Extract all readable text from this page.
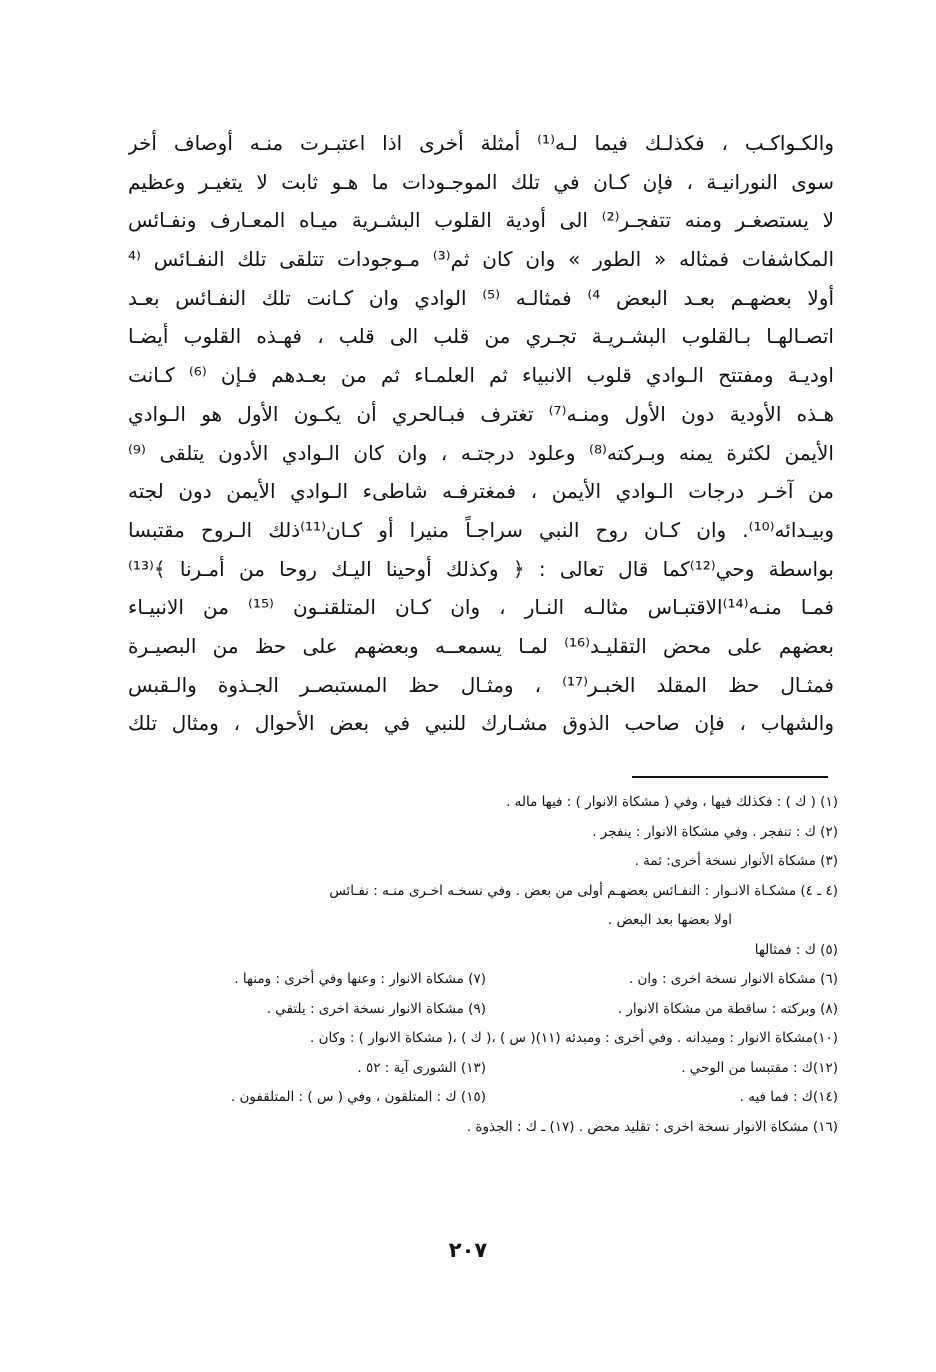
والكـواكـب ، فكذلـك فيما لـه⁽¹⁾ أمثلة أخرى اذا اعتبـرت منـه أوصاف أخر
سوى النورانيـة ، فإن كـان في تلك الموجـودات ما هـو ثابت لا يتغيـر وعظيم
لا يستصغـر ومنه تتفجـر⁽²⁾ الى أودية القلوب البشـرية ميـاه المعـارف ونفـائس
المكاشفات فمثاله « الطور » وان كان ثم⁽³⁾ مـوجودات تتلقى تلك النفـائس ⁽⁴
أولا بعضهـم بعـد البعض ⁴⁾ فمثالـه ⁽⁵⁾ الوادي وان كـانت تلك النفـائس بعـد
اتصـالهـا بـالقلوب البشـريـة تجـري من قلب الى قلب ، فهـذه القلوب أيضـا
اوديـة ومفتتح الـوادي قلوب الانبياء ثم العلمـاء ثم من بعـدهم فـإن ⁽⁶⁾ كـانت
هـذه الأودية دون الأول ومنـه⁽⁷⁾ تغترف فبـالحري أن يكـون الأول هو الـوادي
الأيمن لكثرة يمنه وبـركته⁽⁸⁾ وعلود درجتـه ، وان كان الـوادي الأدون يتلقى ⁽⁹⁾
من آخـر درجات الـوادي الأيمن ، فمغترفـه شاطىء الـوادي الأيمن دون لجته
وبيـدائه⁽¹⁰⁾. وان كـان روح النبي سراجـاً منيرا أو كـان⁽¹¹⁾ذلك الـروح مقتبسا
بواسطة وحي⁽¹²⁾كما قال تعالى : ﴿ وكذلك أوحينا اليـك روحا من أمـرنا ﴾⁽¹³⁾
فمـا منـه⁽¹⁴⁾الاقتبـاس مثالـه النـار ، وان كـان المتلقنـون ⁽¹⁵⁾ من الانبيـاء
بعضهم على محض التقليـد⁽¹⁶⁾ لمـا يسمعــه وبعضهم على حظ من البصيـرة
فمثـال حظ المقلد الخبـر⁽¹⁷⁾ ، ومثـال حظ المستبصـر الجـذوة والـقبس
والشهاب ، فإن صاحب الذوق مشـارك للنبي في بعض الأحوال ، ومثال تلك
(١) ( ك ) : فكذلك فيها ، وفي ( مشكاة الانوار ) : فيها ماله .
(٢) ك : تنفجر . وفي مشكاة الانوار : ينفجر .
(٣) مشكاة الأنوار نسخة أخرى: ثمة .
(٤ ـ ٤) مشكـاة الانـوار : النفـائس بعضهـم أولى من بعض . وفي نسخـه اخـرى منـه : نفـائس
اولا بعضها بعد البعض .
(٥) ك : فمثالها
(٦) مشكاة الانوار نسخة اخرى : وان .
(٧) مشكاة الانوار : وعنها وفي أخرى : ومنها .
(٨) وبركته : ساقطة من مشكاة الانوار .
(٩) مشكاة الانوار نسخة اخرى : يلتقي .
(١٠)مشكاة الانوار : وميدانه . وفي أخرى : ومبدئه (١١)( س ) ،( ك ) ،( مشكاة الانوار ) : وكان .
(١٢)ك : مقتبسا من الوحي .
(١٣) الشورى آية : ٥٢ .
(١٤)ك : فما فيه .
(١٥) ك : المتلقون ، وفي ( س ) : المتلقفون .
(١٦) مشكاة الانوار نسخة اخرى : تقليد محض . (١٧) ـ ك : الجذوة .
٢٠٧
